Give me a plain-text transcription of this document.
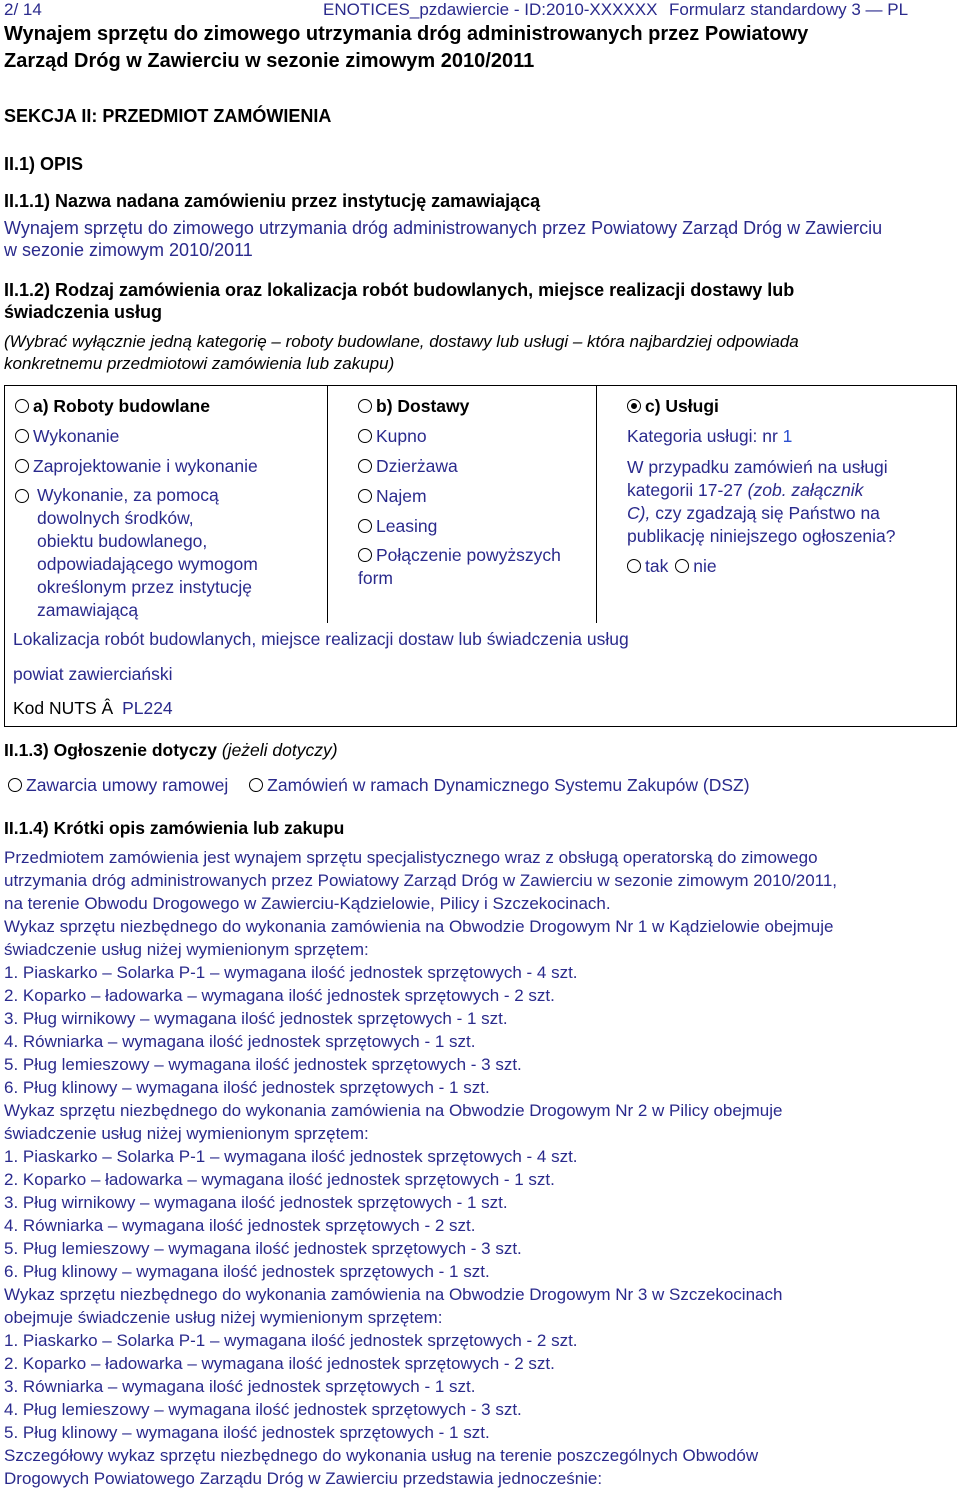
2/ 14	ENOTICES_pzdawiercie - ID:2010-XXXXXX Formularz standardowy 3 — PL
Wynajem sprzętu do zimowego utrzymania dróg administrowanych przez Powiatowy
Zarząd Dróg w Zawierciu w sezonie zimowym 2010/2011
SEKCJA II: PRZEDMIOT ZAMÓWIENIA
II.1) OPIS
II.1.1) Nazwa nadana zamówieniu przez instytucję zamawiającą
Wynajem sprzętu do zimowego utrzymania dróg administrowanych przez Powiatowy Zarząd Dróg w Zawierciu
w sezonie zimowym 2010/2011
II.1.2) Rodzaj zamówienia oraz lokalizacja robót budowlanych, miejsce realizacji dostawy lub
świadczenia usług
(Wybrać wyłącznie jedną kategorię – roboty budowlane, dostawy lub usługi – która najbardziej odpowiada
konkretnemu przedmiotowi zamówienia lub zakupu)
a) Roboty budowlane
Wykonanie
Zaprojektowanie i wykonanie
Wykonanie, za pomocą
dowolnych środków,
obiektu budowlanego,
odpowiadającego wymogom
określonym przez instytucję
zamawiającą
b) Dostawy
Kupno
Dzierżawa
Najem
Leasing
Połączenie powyższych
form
c) Usługi
Kategoria usługi: nr 1
W przypadku zamówień na usługi
kategorii 17-27 (zob. załącznik
C), czy zgadzają się Państwo na
publikację niniejszego ogłoszenia?
tak nie
Lokalizacja robót budowlanych, miejsce realizacji dostaw lub świadczenia usług
powiat zawierciański
Kod NUTS Â PL224
II.1.3) Ogłoszenie dotyczy (jeżeli dotyczy)
Zawarcia umowy ramowej Zamówień w ramach Dynamicznego Systemu Zakupów (DSZ)
II.1.4) Krótki opis zamówienia lub zakupu
Przedmiotem zamówienia jest wynajem sprzętu specjalistycznego wraz z obsługą operatorską do zimowego
utrzymania dróg administrowanych przez Powiatowy Zarząd Dróg w Zawierciu w sezonie zimowym 2010/2011,
na terenie Obwodu Drogowego w Zawierciu-Kądzielowie, Pilicy i Szczekocinach.
Wykaz sprzętu niezbędnego do wykonania zamówienia na Obwodzie Drogowym Nr 1 w Kądzielowie obejmuje
świadczenie usług niżej wymienionym sprzętem:
1. Piaskarko – Solarka P-1 – wymagana ilość jednostek sprzętowych - 4 szt.
2. Koparko – ładowarka – wymagana ilość jednostek sprzętowych - 2 szt.
3. Pług wirnikowy – wymagana ilość jednostek sprzętowych - 1 szt.
4. Równiarka – wymagana ilość jednostek sprzętowych - 1 szt.
5. Pług lemieszowy – wymagana ilość jednostek sprzętowych - 3 szt.
6. Pług klinowy – wymagana ilość jednostek sprzętowych - 1 szt.
Wykaz sprzętu niezbędnego do wykonania zamówienia na Obwodzie Drogowym Nr 2 w Pilicy obejmuje
świadczenie usług niżej wymienionym sprzętem:
1. Piaskarko – Solarka P-1 – wymagana ilość jednostek sprzętowych - 4 szt.
2. Koparko – ładowarka – wymagana ilość jednostek sprzętowych - 1 szt.
3. Pług wirnikowy – wymagana ilość jednostek sprzętowych - 1 szt.
4. Równiarka – wymagana ilość jednostek sprzętowych - 2 szt.
5. Pług lemieszowy – wymagana ilość jednostek sprzętowych - 3 szt.
6. Pług klinowy – wymagana ilość jednostek sprzętowych - 1 szt.
Wykaz sprzętu niezbędnego do wykonania zamówienia na Obwodzie Drogowym Nr 3 w Szczekocinach
obejmuje świadczenie usług niżej wymienionym sprzętem:
1. Piaskarko – Solarka P-1 – wymagana ilość jednostek sprzętowych - 2 szt.
2. Koparko – ładowarka – wymagana ilość jednostek sprzętowych - 2 szt.
3. Równiarka – wymagana ilość jednostek sprzętowych - 1 szt.
4. Pług lemieszowy – wymagana ilość jednostek sprzętowych - 3 szt.
5. Pług klinowy – wymagana ilość jednostek sprzętowych - 1 szt.
Szczegółowy wykaz sprzętu niezbędnego do wykonania usług na terenie poszczególnych Obwodów
Drogowych Powiatowego Zarządu Dróg w Zawierciu przedstawia jednocześnie:
